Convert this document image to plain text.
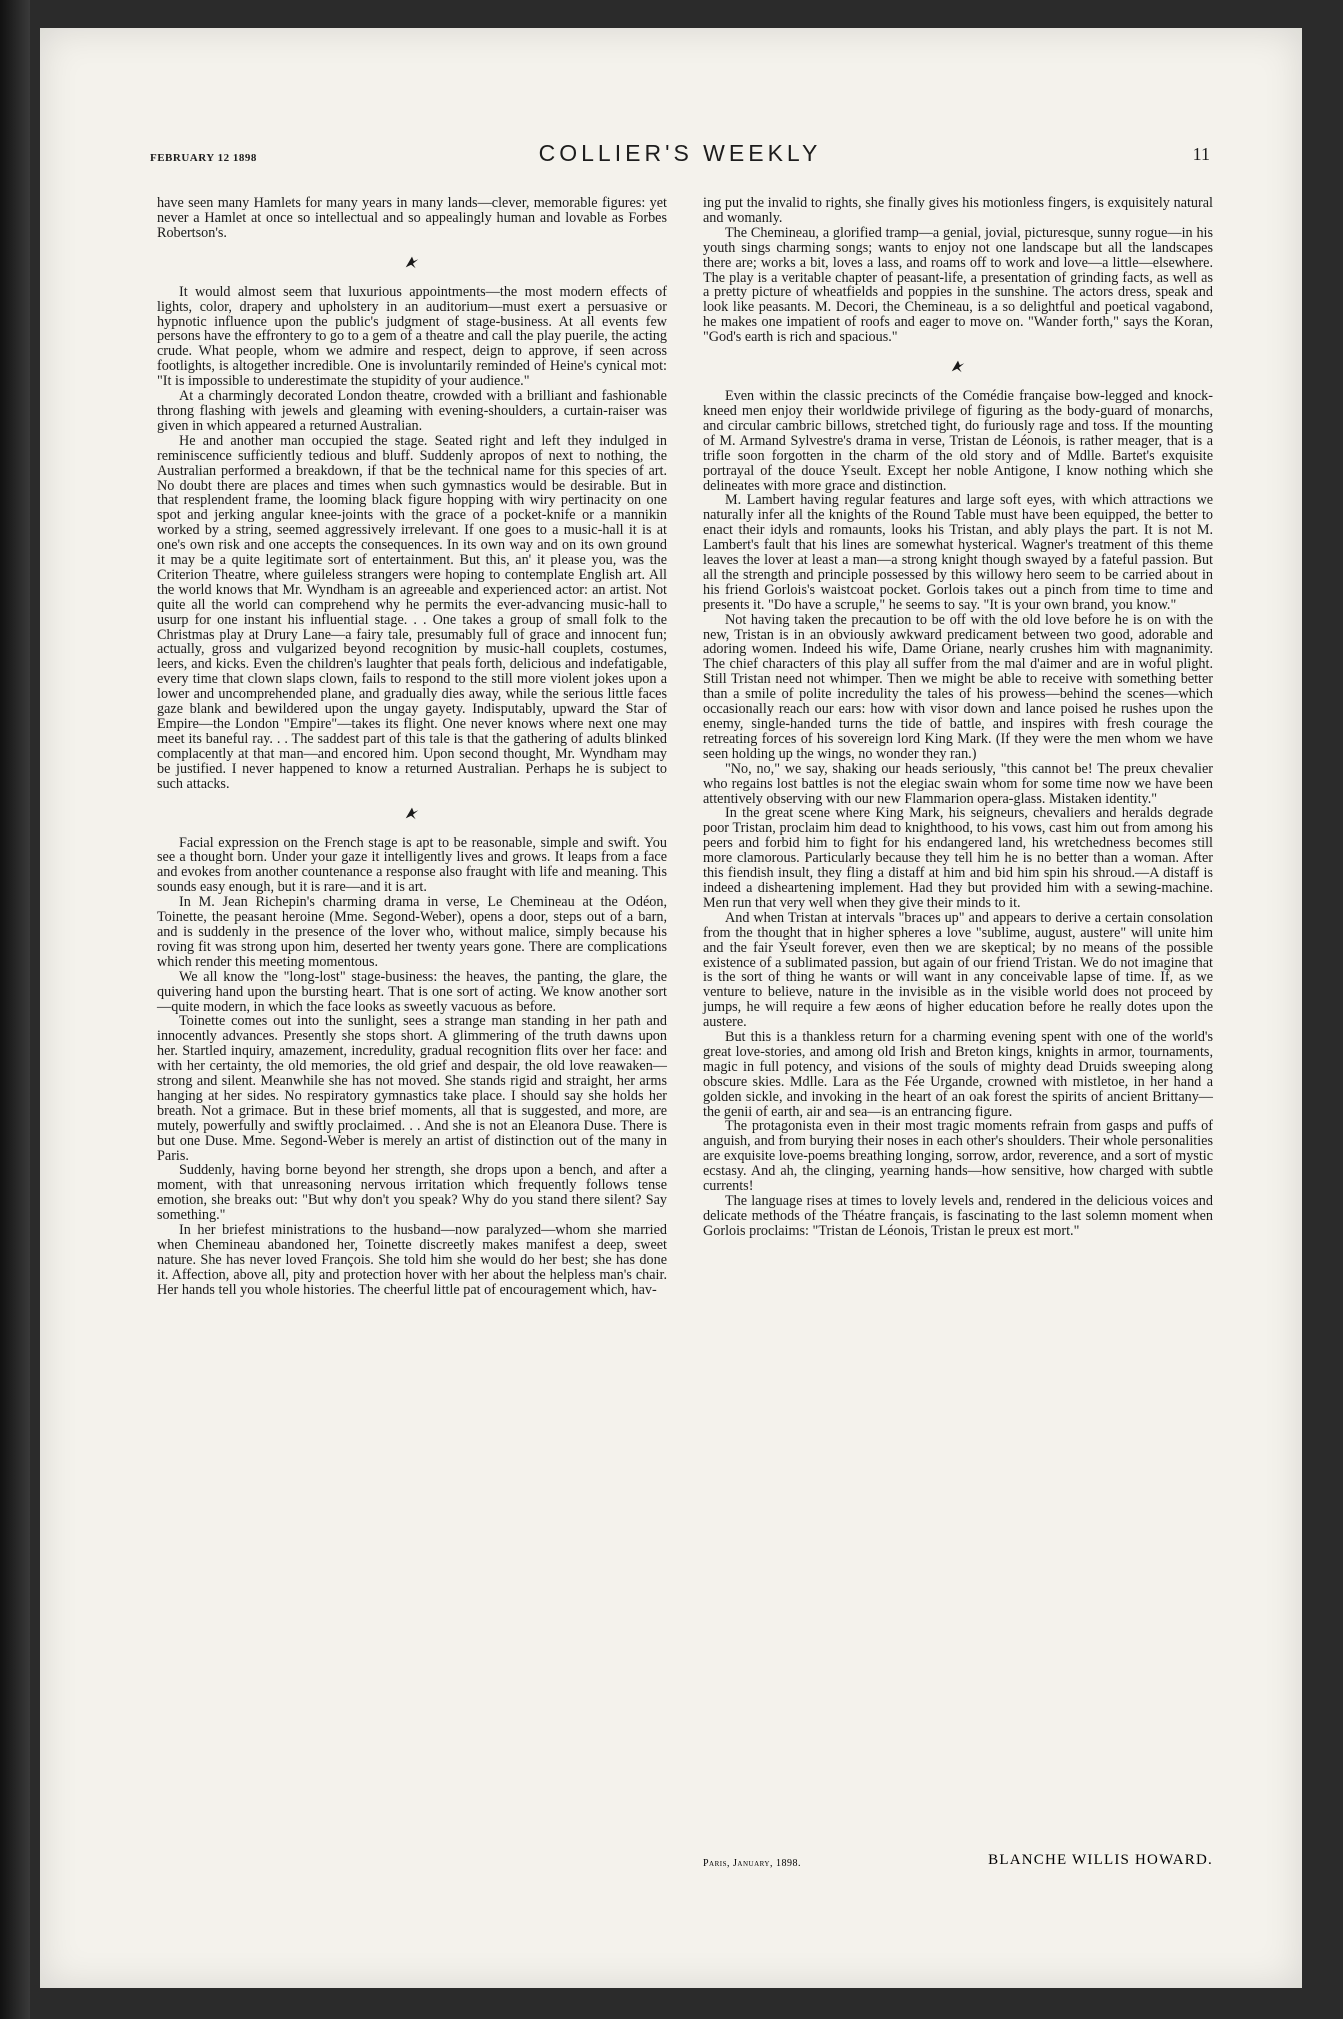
FEBRUARY 12 1898	COLLIER'S WEEKLY	11

have seen many Hamlets for many years in many lands—clever, memorable figures: yet never a Hamlet at once so intellectual and so appealingly human and lovable as Forbes Robertson's.

It would almost seem that luxurious appointments—the most modern effects of lights, color, drapery and upholstery in an auditorium—must exert a persuasive or hypnotic influence upon the public's judgment of stage-business. At all events few persons have the effrontery to go to a gem of a theatre and call the play puerile, the acting crude. What people, whom we admire and respect, deign to approve, if seen across footlights, is altogether incredible. One is involuntarily reminded of Heine's cynical mot: "It is impossible to underestimate the stupidity of your audience."

At a charmingly decorated London theatre, crowded with a brilliant and fashionable throng flashing with jewels and gleaming with evening-shoulders, a curtain-raiser was given in which appeared a returned Australian.

He and another man occupied the stage. Seated right and left they indulged in reminiscence sufficiently tedious and bluff. Suddenly apropos of next to nothing, the Australian performed a breakdown, if that be the technical name for this species of art. No doubt there are places and times when such gymnastics would be desirable. But in that resplendent frame, the looming black figure hopping with wiry pertinacity on one spot and jerking angular knee-joints with the grace of a pocket-knife or a mannikin worked by a string, seemed aggressively irrelevant. If one goes to a music-hall it is at one's own risk and one accepts the consequences. In its own way and on its own ground it may be a quite legitimate sort of entertainment. But this, an' it please you, was the Criterion Theatre, where guileless strangers were hoping to contemplate English art. All the world knows that Mr. Wyndham is an agreeable and experienced actor: an artist. Not quite all the world can comprehend why he permits the ever-advancing music-hall to usurp for one instant his influential stage. . . One takes a group of small folk to the Christmas play at Drury Lane—a fairy tale, presumably full of grace and innocent fun; actually, gross and vulgarized beyond recognition by music-hall couplets, costumes, leers, and kicks. Even the children's laughter that peals forth, delicious and indefatigable, every time that clown slaps clown, fails to respond to the still more violent jokes upon a lower and uncomprehended plane, and gradually dies away, while the serious little faces gaze blank and bewildered upon the ungay gayety. Indisputably, upward the Star of Empire—the London "Empire"—takes its flight. One never knows where next one may meet its baneful ray. . . The saddest part of this tale is that the gathering of adults blinked complacently at that man—and encored him. Upon second thought, Mr. Wyndham may be justified. I never happened to know a returned Australian. Perhaps he is subject to such attacks.

Facial expression on the French stage is apt to be reasonable, simple and swift. You see a thought born. Under your gaze it intelligently lives and grows. It leaps from a face and evokes from another countenance a response also fraught with life and meaning. This sounds easy enough, but it is rare—and it is art.

In M. Jean Richepin's charming drama in verse, Le Chemineau at the Odéon, Toinette, the peasant heroine (Mme. Segond-Weber), opens a door, steps out of a barn, and is suddenly in the presence of the lover who, without malice, simply because his roving fit was strong upon him, deserted her twenty years gone. There are complications which render this meeting momentous.

We all know the "long-lost" stage-business: the heaves, the panting, the glare, the quivering hand upon the bursting heart. That is one sort of acting. We know another sort—quite modern, in which the face looks as sweetly vacuous as before.

Toinette comes out into the sunlight, sees a strange man standing in her path and innocently advances. Presently she stops short. A glimmering of the truth dawns upon her. Startled inquiry, amazement, incredulity, gradual recognition flits over her face: and with her certainty, the old memories, the old grief and despair, the old love reawaken—strong and silent. Meanwhile she has not moved. She stands rigid and straight, her arms hanging at her sides. No respiratory gymnastics take place. I should say she holds her breath. Not a grimace. But in these brief moments, all that is suggested, and more, are mutely, powerfully and swiftly proclaimed. . . And she is not an Eleanora Duse. There is but one Duse. Mme. Segond-Weber is merely an artist of distinction out of the many in Paris.

Suddenly, having borne beyond her strength, she drops upon a bench, and after a moment, with that unreasoning nervous irritation which frequently follows tense emotion, she breaks out: "But why don't you speak? Why do you stand there silent? Say something."

In her briefest ministrations to the husband—now paralyzed—whom she married when Chemineau abandoned her, Toinette discreetly makes manifest a deep, sweet nature. She has never loved François. She told him she would do her best; she has done it. Affection, above all, pity and protection hover with her about the helpless man's chair. Her hands tell you whole histories. The cheerful little pat of encouragement which, hav-

ing put the invalid to rights, she finally gives his motionless fingers, is exquisitely natural and womanly.

The Chemineau, a glorified tramp—a genial, jovial, picturesque, sunny rogue—in his youth sings charming songs; wants to enjoy not one landscape but all the landscapes there are; works a bit, loves a lass, and roams off to work and love—a little—elsewhere. The play is a veritable chapter of peasant-life, a presentation of grinding facts, as well as a pretty picture of wheatfields and poppies in the sunshine. The actors dress, speak and look like peasants. M. Decori, the Chemineau, is a so delightful and poetical vagabond, he makes one impatient of roofs and eager to move on. "Wander forth," says the Koran, "God's earth is rich and spacious."

Even within the classic precincts of the Comédie française bow-legged and knock-kneed men enjoy their worldwide privilege of figuring as the body-guard of monarchs, and circular cambric billows, stretched tight, do furiously rage and toss. If the mounting of M. Armand Sylvestre's drama in verse, Tristan de Léonois, is rather meager, that is a trifle soon forgotten in the charm of the old story and of Mdlle. Bartet's exquisite portrayal of the douce Yseult. Except her noble Antigone, I know nothing which she delineates with more grace and distinction.

M. Lambert having regular features and large soft eyes, with which attractions we naturally infer all the knights of the Round Table must have been equipped, the better to enact their idyls and romaunts, looks his Tristan, and ably plays the part. It is not M. Lambert's fault that his lines are somewhat hysterical. Wagner's treatment of this theme leaves the lover at least a man—a strong knight though swayed by a fateful passion. But all the strength and principle possessed by this willowy hero seem to be carried about in his friend Gorlois's waistcoat pocket. Gorlois takes out a pinch from time to time and presents it. "Do have a scruple," he seems to say. "It is your own brand, you know."

Not having taken the precaution to be off with the old love before he is on with the new, Tristan is in an obviously awkward predicament between two good, adorable and adoring women. Indeed his wife, Dame Oriane, nearly crushes him with magnanimity. The chief characters of this play all suffer from the mal d'aimer and are in woful plight. Still Tristan need not whimper. Then we might be able to receive with something better than a smile of polite incredulity the tales of his prowess—behind the scenes—which occasionally reach our ears: how with visor down and lance poised he rushes upon the enemy, single-handed turns the tide of battle, and inspires with fresh courage the retreating forces of his sovereign lord King Mark. (If they were the men whom we have seen holding up the wings, no wonder they ran.)

"No, no," we say, shaking our heads seriously, "this cannot be! The preux chevalier who regains lost battles is not the elegiac swain whom for some time now we have been attentively observing with our new Flammarion opera-glass. Mistaken identity."

In the great scene where King Mark, his seigneurs, chevaliers and heralds degrade poor Tristan, proclaim him dead to knighthood, to his vows, cast him out from among his peers and forbid him to fight for his endangered land, his wretchedness becomes still more clamorous. Particularly because they tell him he is no better than a woman. After this fiendish insult, they fling a distaff at him and bid him spin his shroud.—A distaff is indeed a disheartening implement. Had they but provided him with a sewing-machine. Men run that very well when they give their minds to it.

And when Tristan at intervals "braces up" and appears to derive a certain consolation from the thought that in higher spheres a love "sublime, august, austere" will unite him and the fair Yseult forever, even then we are skeptical; by no means of the possible existence of a sublimated passion, but again of our friend Tristan. We do not imagine that is the sort of thing he wants or will want in any conceivable lapse of time. If, as we venture to believe, nature in the invisible as in the visible world does not proceed by jumps, he will require a few æons of higher education before he really dotes upon the austere.

But this is a thankless return for a charming evening spent with one of the world's great love-stories, and among old Irish and Breton kings, knights in armor, tournaments, magic in full potency, and visions of the souls of mighty dead Druids sweeping along obscure skies. Mdlle. Lara as the Fée Urgande, crowned with mistletoe, in her hand a golden sickle, and invoking in the heart of an oak forest the spirits of ancient Brittany—the genii of earth, air and sea—is an entrancing figure.

The protagonista even in their most tragic moments refrain from gasps and puffs of anguish, and from burying their noses in each other's shoulders. Their whole personalities are exquisite love-poems breathing longing, sorrow, ardor, reverence, and a sort of mystic ecstasy. And ah, the clinging, yearning hands—how sensitive, how charged with subtle currents!

The language rises at times to lovely levels and, rendered in the delicious voices and delicate methods of the Théatre français, is fascinating to the last solemn moment when Gorlois proclaims: "Tristan de Léonois, Tristan le preux est mort."

Paris, January, 1898.	BLANCHE WILLIS HOWARD.
